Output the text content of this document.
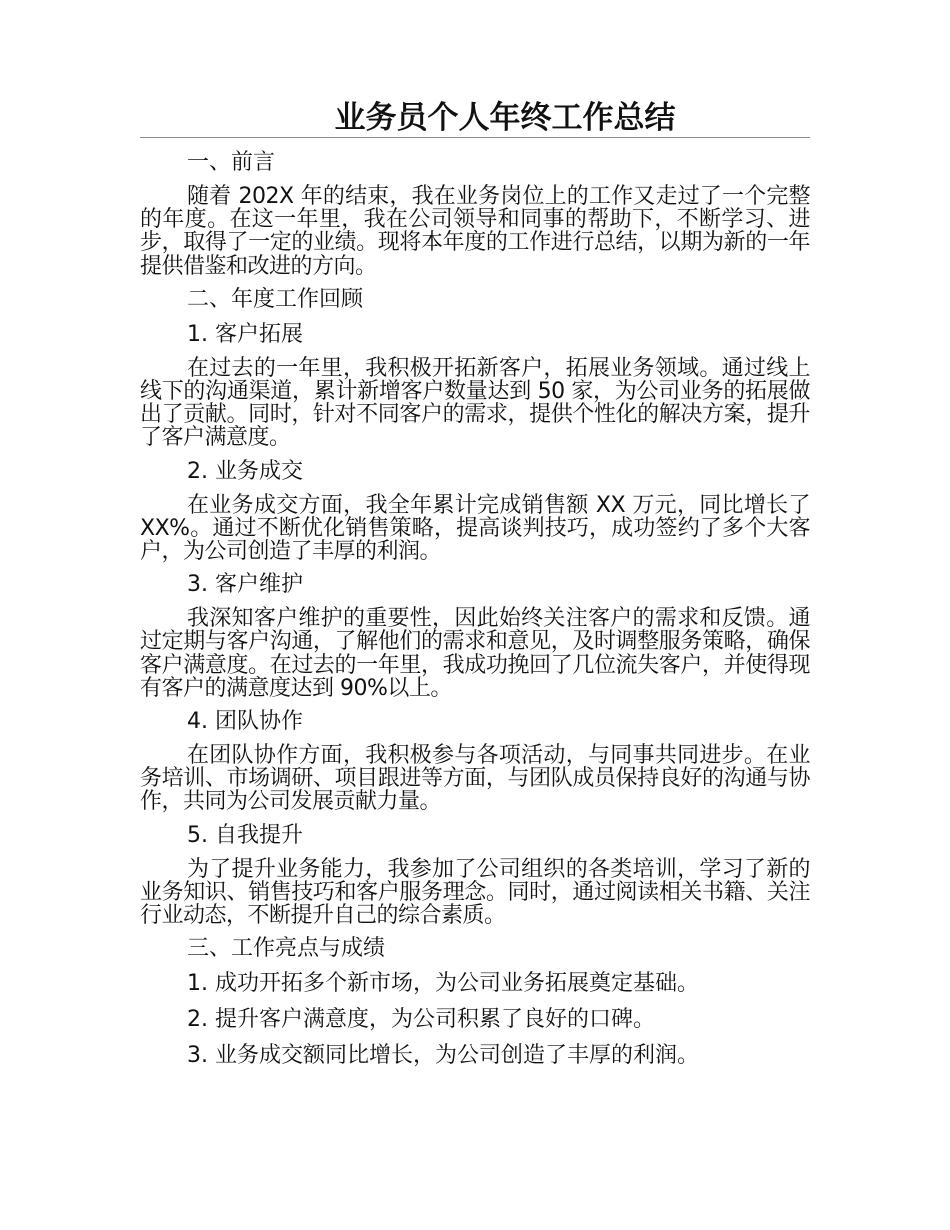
业务员个人年终工作总结
一、前言

随着 202X 年的结束，我在业务岗位上的工作又走过了一个完整的年度。在这一年里，我在公司领导和同事的帮助下，不断学习、进步，取得了一定的业绩。现将本年度的工作进行总结，以期为新的一年提供借鉴和改进的方向。

二、年度工作回顾
1. 客户拓展

在过去的一年里，我积极开拓新客户，拓展业务领域。通过线上线下的沟通渠道，累计新增客户数量达到 50 家，为公司业务的拓展做出了贡献。同时，针对不同客户的需求，提供个性化的解决方案，提升了客户满意度。

2. 业务成交

在业务成交方面，我全年累计完成销售额 XX 万元，同比增长了 XX%。通过不断优化销售策略，提高谈判技巧，成功签约了多个大客户，为公司创造了丰厚的利润。

3. 客户维护

我深知客户维护的重要性，因此始终关注客户的需求和反馈。通过定期与客户沟通，了解他们的需求和意见，及时调整服务策略，确保客户满意度。在过去的一年里，我成功挽回了几位流失客户，并使得现有客户的满意度达到 90%以上。

4. 团队协作

在团队协作方面，我积极参与各项活动，与同事共同进步。在业务培训、市场调研、项目跟进等方面，与团队成员保持良好的沟通与协作，共同为公司发展贡献力量。

5. 自我提升

为了提升业务能力，我参加了公司组织的各类培训，学习了新的业务知识、销售技巧和客户服务理念。同时，通过阅读相关书籍、关注行业动态，不断提升自己的综合素质。

三、工作亮点与成绩
1. 成功开拓多个新市场，为公司业务拓展奠定基础。
2. 提升客户满意度，为公司积累了良好的口碑。
3. 业务成交额同比增长，为公司创造了丰厚的利润。
